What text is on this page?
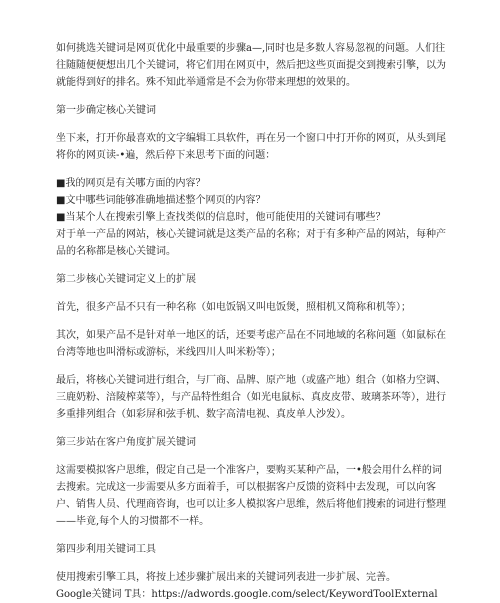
如何挑选关键词是网页优化中最重要的步骤a—,同时也是多数人容易忽视的问题。人们往往随随便便想出几个关键词，将它们用在网页中，然后把这些页面提交到搜索引擎，以为就能得到好的排名。殊不知此举通常是不会为你带来理想的效果的。

第一步确定核心关键词

坐下来，打开你最喜欢的文字编辑工具软件，再在另一个窗口中打开你的网页，从头到尾将你的网页读-•遍，然后停下来思考下面的问题：

■我的网页是有关哪方面的内容？

■文中哪些词能够准确地描述整个网页的内容？

■当某个人在搜索引擎上查找类似的信息时，他可能使用的关键词有哪些？

对于单一产品的网站，核心关键词就是这类产品的名称；对于有多种产品的网站，每种产品的名称都是核心关键词。

第二步核心关键词定义上的扩展

首先，很多产品不只有一种名称（如电饭锅又叫电饭煲，照相机又简称和机等）；

其次，如果产品不是针对单一地区的话，还要考虑产品在不同地域的名称问题（如鼠标在台湾等地也叫滑标或游标，米线四川人叫米粉等）；

最后，将核心关键词进行组合，与厂商、品牌、原产地（或盛产地）组合（如格力空调、三鹿奶粉、涪陵榨菜等），与产品特性组合（如光电鼠标、真皮皮带、玻璃茶环等），进行多重排列组合（如彩屏和弦手机、数字高清电视、真皮单人沙发）。

第三步站在客户角度扩展关键词

这需要模拟客户思维，假定自己是一个准客户，要购买某种产品，一•般会用什么样的词去搜索。完成这一步需要从多方面着手，可以根据客户反馈的资料中去发现，可以向客户、销售人员、代理商咨询，也可以让多人模拟客户思维，然后将他们搜索的词进行整理——毕竟,每个人的习惯都不一样。

第四步利用关键词工具

使用搜索引擎工具，将按上述步骤扩展出来的关键词列表进一步扩展、完善。

Google关键词 T具：https://adwords.google.com/select/KeywordToolExternal
